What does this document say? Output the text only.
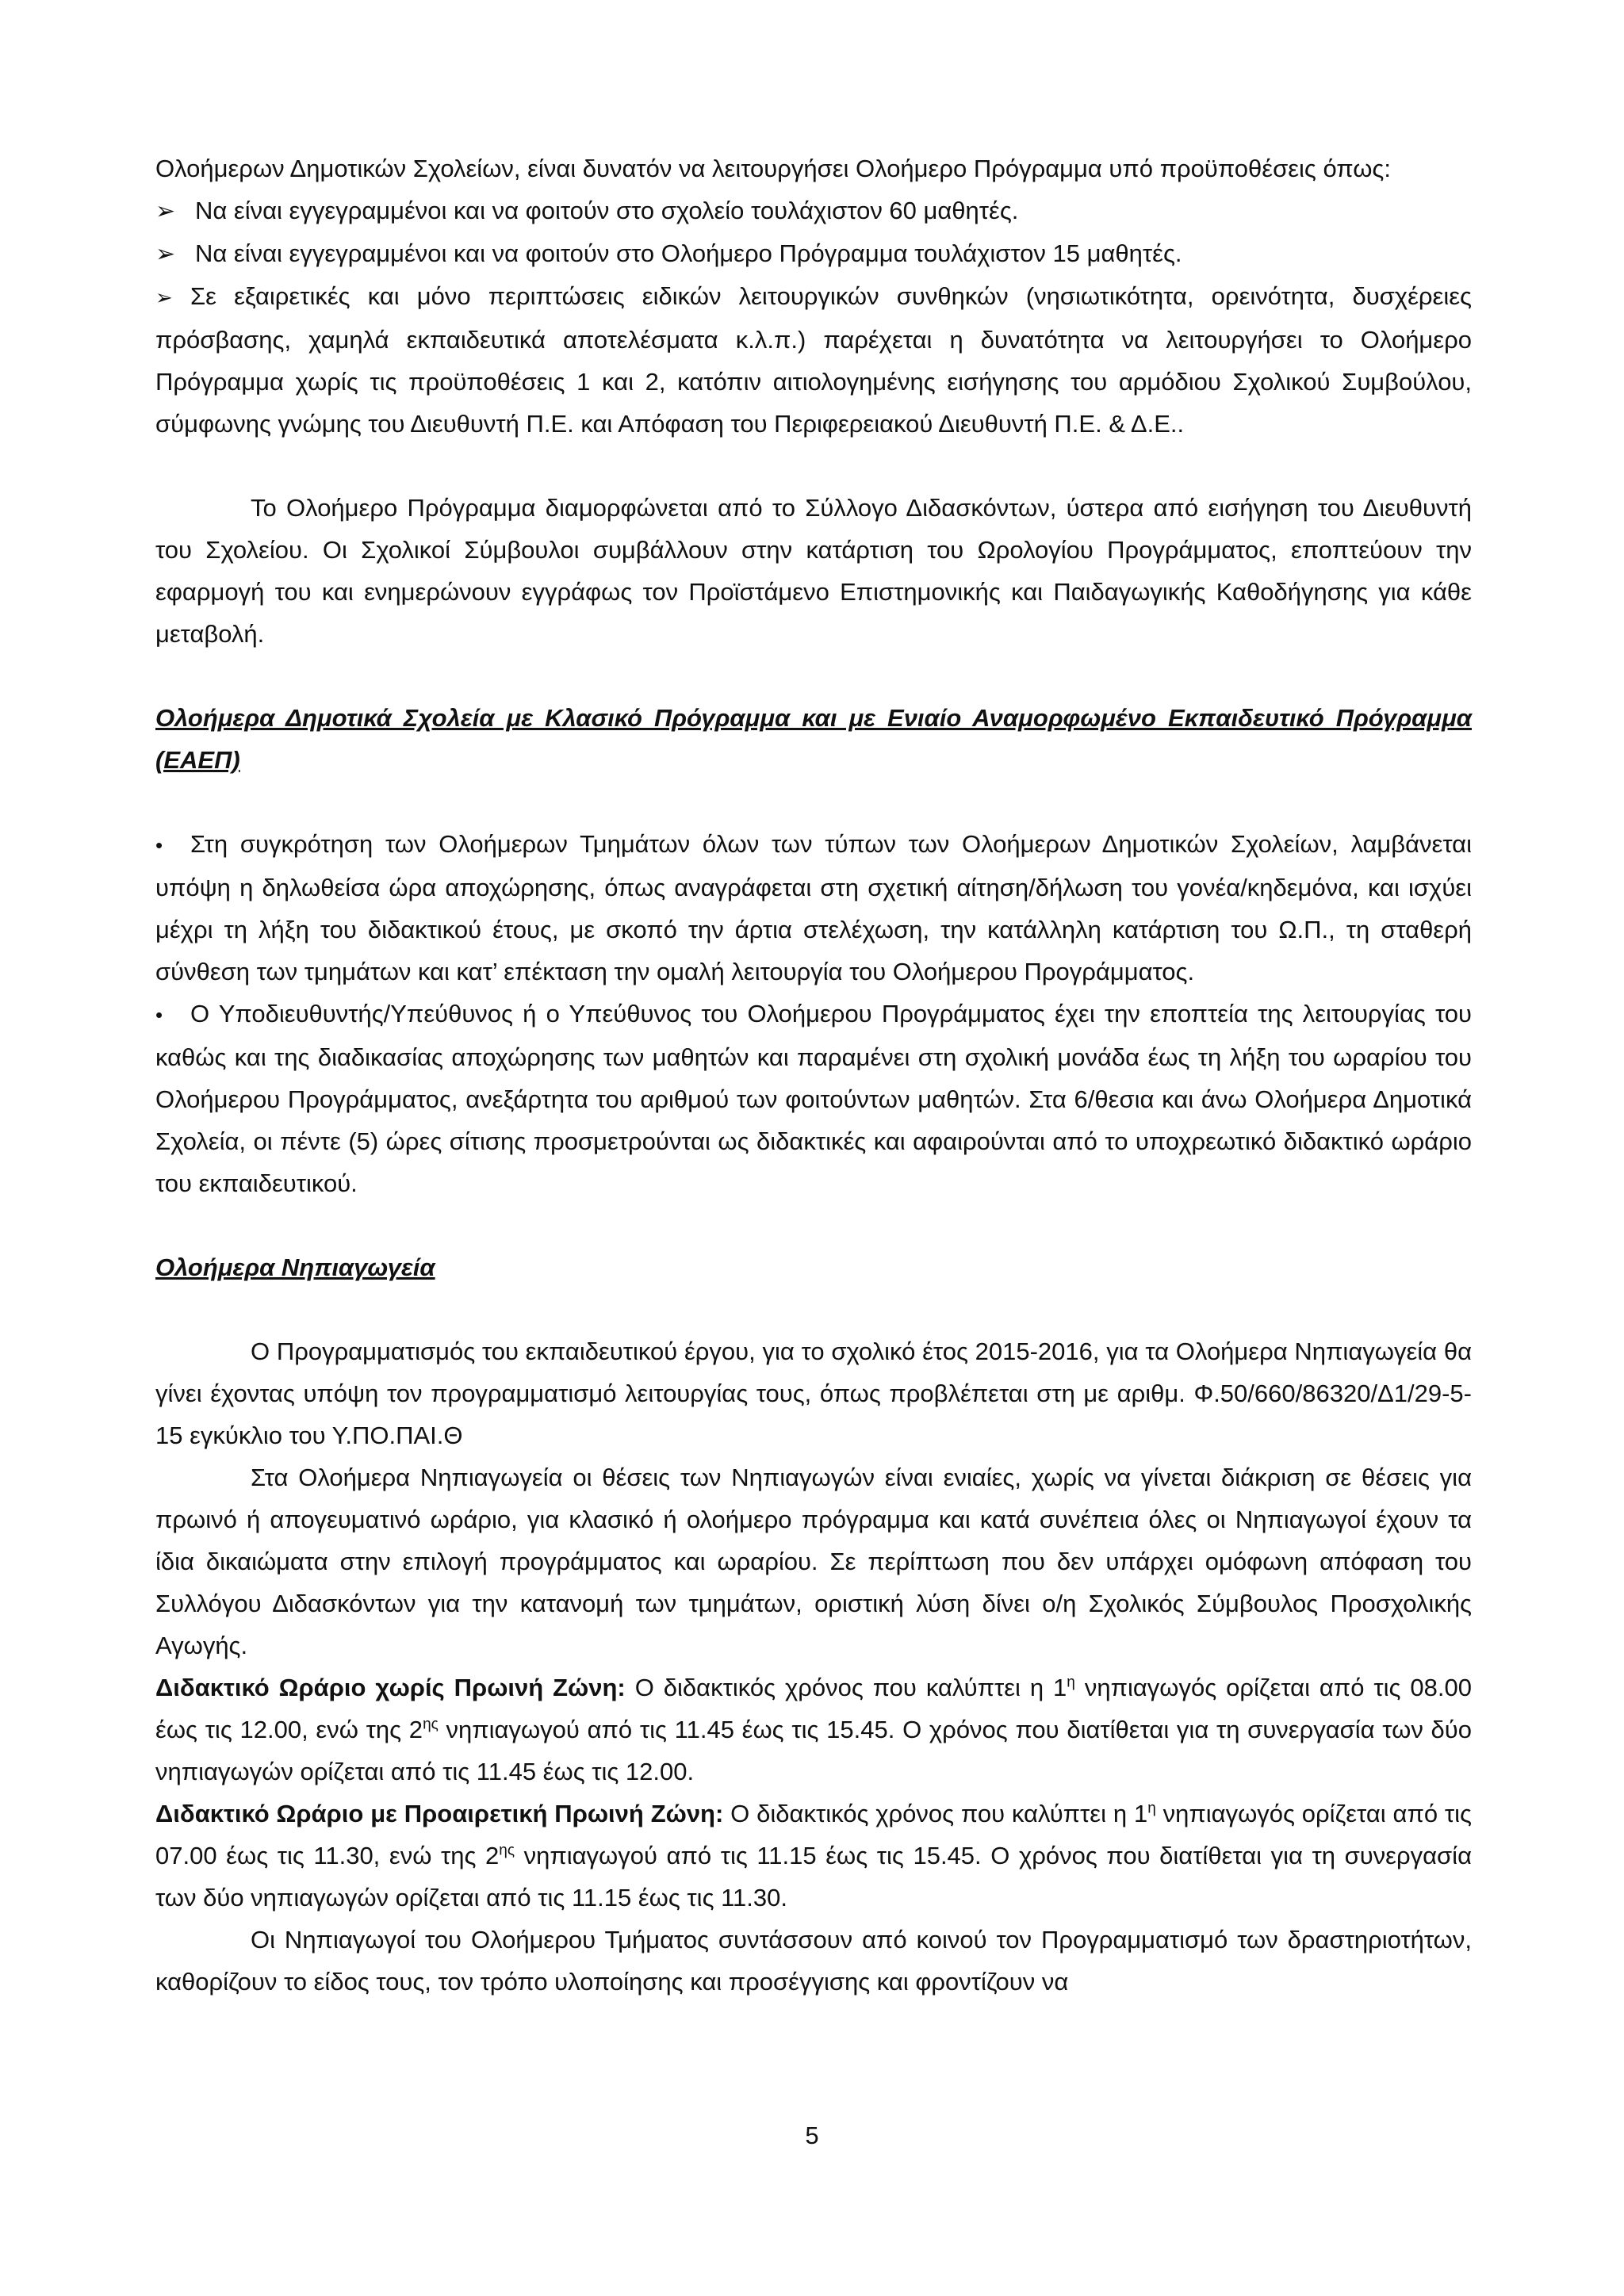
Ολοήμερων Δημοτικών Σχολείων, είναι δυνατόν να λειτουργήσει Ολοήμερο Πρόγραμμα υπό προϋποθέσεις όπως:

➢ Να είναι εγγεγραμμένοι και να φοιτούν στο σχολείο τουλάχιστον 60 μαθητές.
➢ Να είναι εγγεγραμμένοι και να φοιτούν στο Ολοήμερο Πρόγραμμα τουλάχιστον 15 μαθητές.

➢ Σε εξαιρετικές και μόνο περιπτώσεις ειδικών λειτουργικών συνθηκών (νησιωτικότητα, ορεινότητα, δυσχέρειες πρόσβασης, χαμηλά εκπαιδευτικά αποτελέσματα κ.λ.π.) παρέχεται η δυνατότητα να λειτουργήσει το Ολοήμερο Πρόγραμμα χωρίς τις προϋποθέσεις 1 και 2, κατόπιν αιτιολογημένης εισήγησης του αρμόδιου Σχολικού Συμβούλου, σύμφωνης γνώμης του Διευθυντή Π.Ε. και Απόφαση του Περιφερειακού Διευθυντή Π.Ε. & Δ.Ε..

Το Ολοήμερο Πρόγραμμα διαμορφώνεται από το Σύλλογο Διδασκόντων, ύστερα από εισήγηση του Διευθυντή του Σχολείου. Οι Σχολικοί Σύμβουλοι συμβάλλουν στην κατάρτιση του Ωρολογίου Προγράμματος, εποπτεύουν την εφαρμογή του και ενημερώνουν εγγράφως τον Προϊστάμενο Επιστημονικής και Παιδαγωγικής Καθοδήγησης για κάθε μεταβολή.

Ολοήμερα Δημοτικά Σχολεία με Κλασικό Πρόγραμμα και με Ενιαίο Αναμορφωμένο Εκπαιδευτικό Πρόγραμμα (ΕΑΕΠ)

• Στη συγκρότηση των Ολοήμερων Τμημάτων όλων των τύπων των Ολοήμερων Δημοτικών Σχολείων, λαμβάνεται υπόψη η δηλωθείσα ώρα αποχώρησης, όπως αναγράφεται στη σχετική αίτηση/δήλωση του γονέα/κηδεμόνα, και ισχύει μέχρι τη λήξη του διδακτικού έτους, με σκοπό την άρτια στελέχωση, την κατάλληλη κατάρτιση του Ω.Π., τη σταθερή σύνθεση των τμημάτων και κατ’ επέκταση την ομαλή λειτουργία του Ολοήμερου Προγράμματος.

• Ο Υποδιευθυντής/Υπεύθυνος ή ο Υπεύθυνος του Ολοήμερου Προγράμματος έχει την εποπτεία της λειτουργίας του καθώς και της διαδικασίας αποχώρησης των μαθητών και παραμένει στη σχολική μονάδα έως τη λήξη του ωραρίου του Ολοήμερου Προγράμματος, ανεξάρτητα του αριθμού των φοιτούντων μαθητών. Στα 6/θεσια και άνω Ολοήμερα Δημοτικά Σχολεία, οι πέντε (5) ώρες σίτισης προσμετρούνται ως διδακτικές και αφαιρούνται από το υποχρεωτικό διδακτικό ωράριο του εκπαιδευτικού.

Ολοήμερα Νηπιαγωγεία

Ο Προγραμματισμός του εκπαιδευτικού έργου, για το σχολικό έτος 2015-2016, για τα Ολοήμερα Νηπιαγωγεία θα γίνει έχοντας υπόψη τον προγραμματισμό λειτουργίας τους, όπως προβλέπεται στη με αριθμ. Φ.50/660/86320/Δ1/29-5-15 εγκύκλιο του Υ.ΠΟ.ΠΑΙ.Θ

Στα Ολοήμερα Νηπιαγωγεία οι θέσεις των Νηπιαγωγών είναι ενιαίες, χωρίς να γίνεται διάκριση σε θέσεις για πρωινό ή απογευματινό ωράριο, για κλασικό ή ολοήμερο πρόγραμμα και κατά συνέπεια όλες οι Νηπιαγωγοί έχουν τα ίδια δικαιώματα στην επιλογή προγράμματος και ωραρίου. Σε περίπτωση που δεν υπάρχει ομόφωνη απόφαση του Συλλόγου Διδασκόντων για την κατανομή των τμημάτων, οριστική λύση δίνει ο/η Σχολικός Σύμβουλος Προσχολικής Αγωγής.

Διδακτικό Ωράριο χωρίς Πρωινή Ζώνη: Ο διδακτικός χρόνος που καλύπτει η $1^\eta$ νηπιαγωγός ορίζεται από τις 08.00 έως τις 12.00, ενώ της $2^{\eta\varsigma}$ νηπιαγωγού από τις 11.45 έως τις 15.45. Ο χρόνος που διατίθεται για τη συνεργασία των δύο νηπιαγωγών ορίζεται από τις 11.45 έως τις 12.00.

Διδακτικό Ωράριο με Προαιρετική Πρωινή Ζώνη: Ο διδακτικός χρόνος που καλύπτει η $1^\eta$ νηπιαγωγός ορίζεται από τις 07.00 έως τις 11.30, ενώ της $2^{\eta\varsigma}$ νηπιαγωγού από τις 11.15 έως τις 15.45. Ο χρόνος που διατίθεται για τη συνεργασία των δύο νηπιαγωγών ορίζεται από τις 11.15 έως τις 11.30.

Οι Νηπιαγωγοί του Ολοήμερου Τμήματος συντάσσουν από κοινού τον Προγραμματισμό των δραστηριοτήτων, καθορίζουν το είδος τους, τον τρόπο υλοποίησης και προσέγγισης και φροντίζουν να

5
